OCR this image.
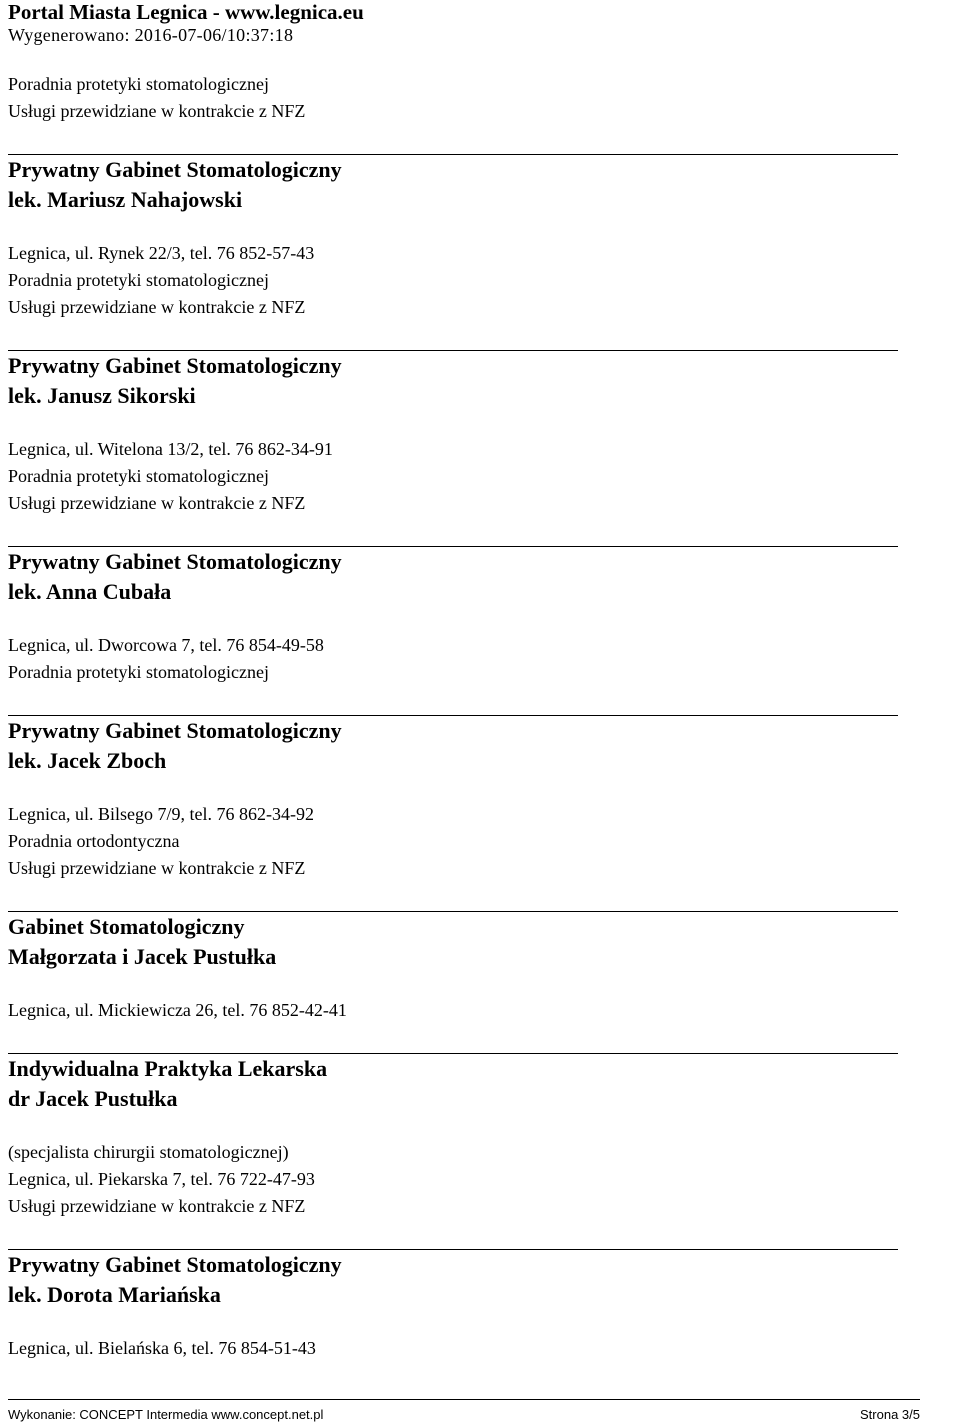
Portal Miasta Legnica - www.legnica.eu
Wygenerowano: 2016-07-06/10:37:18
Poradnia protetyki stomatologicznej
Usługi przewidziane w kontrakcie z NFZ
Prywatny Gabinet Stomatologiczny
lek. Mariusz Nahajowski
Legnica, ul. Rynek 22/3, tel. 76 852-57-43
Poradnia protetyki stomatologicznej
Usługi przewidziane w kontrakcie z NFZ
Prywatny Gabinet Stomatologiczny
lek. Janusz Sikorski
Legnica, ul. Witelona 13/2, tel. 76 862-34-91
Poradnia protetyki stomatologicznej
Usługi przewidziane w kontrakcie z NFZ
Prywatny Gabinet Stomatologiczny
lek. Anna Cubała
Legnica, ul. Dworcowa 7, tel. 76 854-49-58
Poradnia protetyki stomatologicznej
Prywatny Gabinet Stomatologiczny
lek. Jacek Zboch
Legnica, ul. Bilsego 7/9, tel. 76 862-34-92
Poradnia ortodontyczna
Usługi przewidziane w kontrakcie z NFZ
Gabinet Stomatologiczny
Małgorzata i Jacek Pustułka
Legnica, ul. Mickiewicza 26, tel. 76 852-42-41
Indywidualna Praktyka Lekarska
dr Jacek Pustułka
(specjalista chirurgii stomatologicznej)
Legnica, ul. Piekarska 7, tel. 76 722-47-93
Usługi przewidziane w kontrakcie z NFZ
Prywatny Gabinet Stomatologiczny
lek. Dorota Mariańska
Legnica, ul. Bielańska 6, tel. 76 854-51-43
Wykonanie: CONCEPT Intermedia www.concept.net.pl	Strona 3/5
